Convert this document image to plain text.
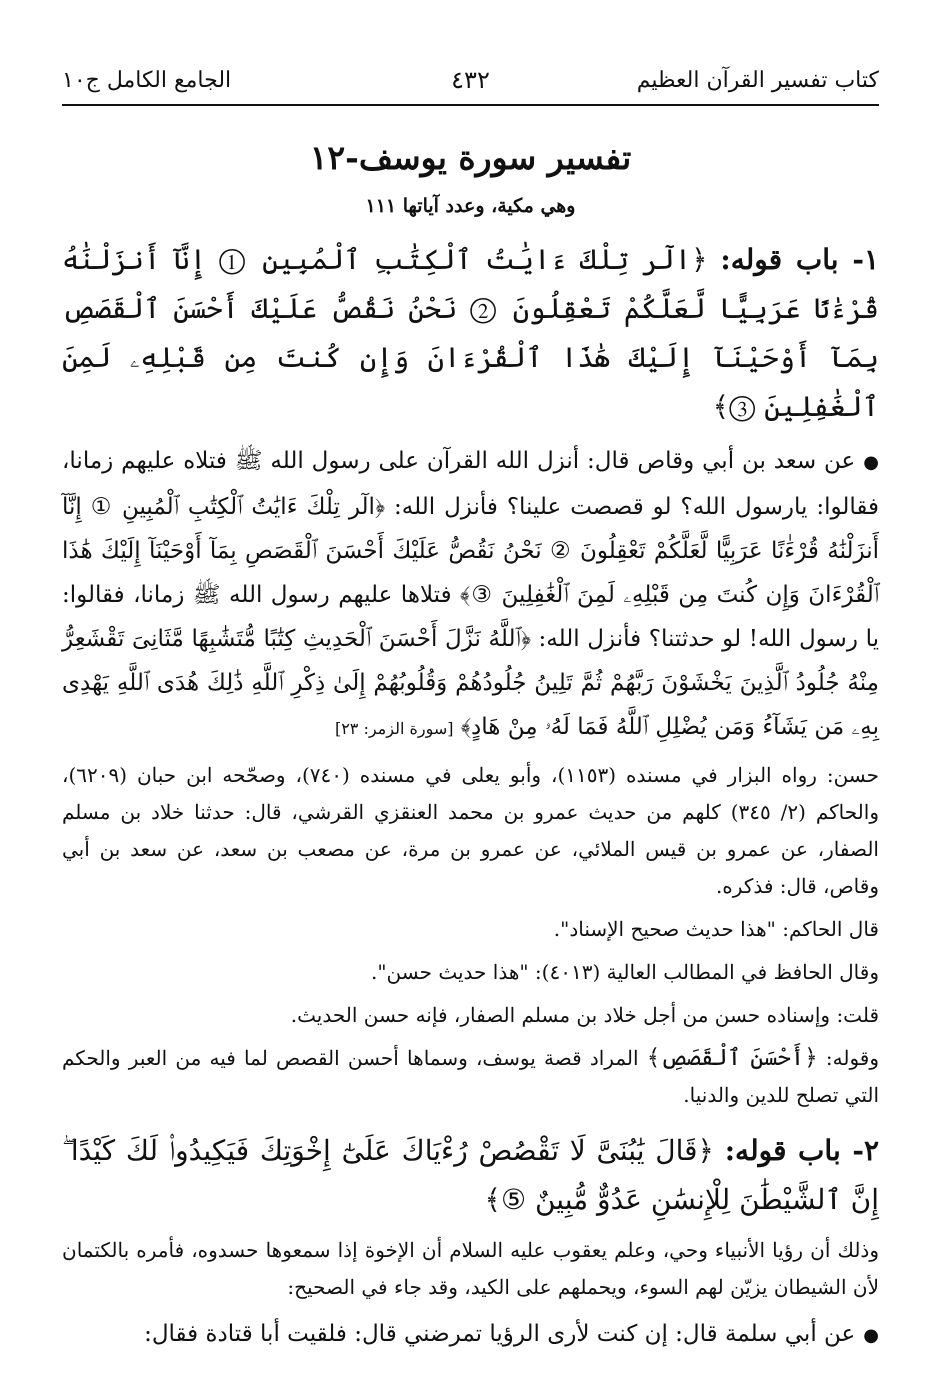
كتاب تفسير القرآن العظيم
٤٣٢
الجامع الكامل ج١٠
تفسير سورة يوسف-١٢
وهي مكية، وعدد آياتها ١١١

١- باب قوله: ﴿الٓر تِلْكَ ءَايَٰتُ ٱلْكِتَٰبِ ٱلْمُبِينِ ① إِنَّآ أَنزَلْنَٰهُ قُرْءَٰنًا عَرَبِيًّا لَّعَلَّكُمْ تَعْقِلُونَ ② نَحْنُ نَقُصُّ عَلَيْكَ أَحْسَنَ ٱلْقَصَصِ بِمَآ أَوْحَيْنَآ إِلَيْكَ هَٰذَا ٱلْقُرْءَانَ وَإِن كُنتَ مِن قَبْلِهِۦ لَمِنَ ٱلْغَٰفِلِينَ ③﴾

●عن سعد بن أبي وقاص قال: أنزل الله القرآن على رسول الله ﷺ فتلاه عليهم زمانا، فقالوا: يارسول الله؟ لو قصصت علينا؟ فأنزل الله: ﴿الٓر تِلْكَ ءَايَٰتُ ٱلْكِتَٰبِ ٱلْمُبِينِ ① إِنَّآ أَنزَلْنَٰهُ قُرْءَٰنًا عَرَبِيًّا لَّعَلَّكُمْ تَعْقِلُونَ ② نَحْنُ نَقُصُّ عَلَيْكَ أَحْسَنَ ٱلْقَصَصِ بِمَآ أَوْحَيْنَآ إِلَيْكَ هَٰذَا ٱلْقُرْءَانَ وَإِن كُنتَ مِن قَبْلِهِۦ لَمِنَ ٱلْغَٰفِلِينَ ③﴾ فتلاها عليهم رسول الله ﷺ زمانا، فقالوا: يا رسول الله! لو حدثتنا؟ فأنزل الله: ﴿ٱللَّهُ نَزَّلَ أَحْسَنَ ٱلْحَدِيثِ كِتَٰبًا مُّتَشَٰبِهًا مَّثَانِىَ تَقْشَعِرُّ مِنْهُ جُلُودُ ٱلَّذِينَ يَخْشَوْنَ رَبَّهُمْ ثُمَّ تَلِينُ جُلُودُهُمْ وَقُلُوبُهُمْ إِلَىٰ ذِكْرِ ٱللَّهِ ذَٰلِكَ هُدَى ٱللَّهِ يَهْدِى بِهِۦ مَن يَشَآءُ وَمَن يُضْلِلِ ٱللَّهُ فَمَا لَهُۥ مِنْ هَادٍ﴾ [سورة الزمر: ٢٣]

حسن: رواه البزار في مسنده (١١٥٣)، وأبو يعلى في مسنده (٧٤٠)، وصحّحه ابن حبان (٦٢٠٩)، والحاكم (٢/ ٣٤٥) كلهم من حديث عمرو بن محمد العنقزي القرشي، قال: حدثنا خلاد بن مسلم الصفار، عن عمرو بن قيس الملائي، عن عمرو بن مرة، عن مصعب بن سعد، عن سعد بن أبي وقاص، قال: فذكره.

قال الحاكم: "هذا حديث صحيح الإسناد".

وقال الحافظ في المطالب العالية (٤٠١٣): "هذا حديث حسن".

قلت: وإسناده حسن من أجل خلاد بن مسلم الصفار، فإنه حسن الحديث.

وقوله: ﴿أَحْسَنَ ٱلْقَصَصِ﴾ المراد قصة يوسف، وسماها أحسن القصص لما فيه من العبر والحكم التي تصلح للدين والدنيا.

٢- باب قوله: ﴿قَالَ يَٰبُنَىَّ لَا تَقْصُصْ رُءْيَاكَ عَلَىٰٓ إِخْوَتِكَ فَيَكِيدُوا۟ لَكَ كَيْدًا ۖ إِنَّ ٱلشَّيْطَٰنَ لِلْإِنسَٰنِ عَدُوٌّ مُّبِينٌ ⑤﴾

وذلك أن رؤيا الأنبياء وحي، وعلم يعقوب عليه السلام أن الإخوة إذا سمعوها حسدوه، فأمره بالكتمان لأن الشيطان يزيّن لهم السوء، ويحملهم على الكيد، وقد جاء في الصحيح:

●عن أبي سلمة قال: إن كنت لأرى الرؤيا تمرضني قال: فلقيت أبا قتادة فقال:
